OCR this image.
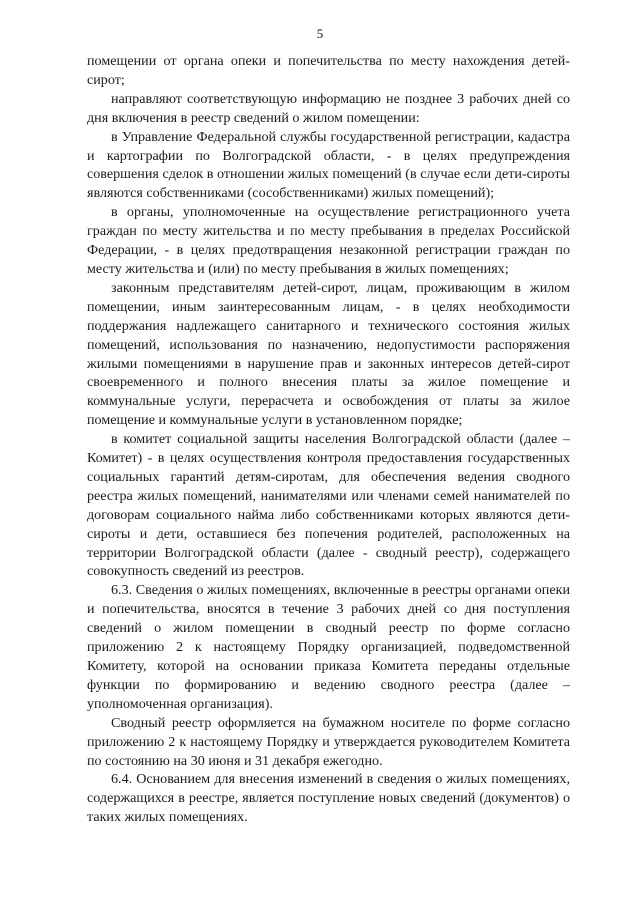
5

помещении от органа опеки и попечительства по месту нахождения детей-сирот;

направляют соответствующую информацию не позднее 3 рабочих дней со дня включения в реестр сведений о жилом помещении:

в Управление Федеральной службы государственной регистрации, кадастра и картографии по Волгоградской области, - в целях предупреждения совершения сделок в отношении жилых помещений (в случае если дети-сироты являются собственниками (сособственниками) жилых помещений);

в органы, уполномоченные на осуществление регистрационного учета граждан по месту жительства и по месту пребывания в пределах Российской Федерации, - в целях предотвращения незаконной регистрации граждан по месту жительства и (или) по месту пребывания в жилых помещениях;

законным представителям детей-сирот, лицам, проживающим в жилом помещении, иным заинтересованным лицам, - в целях необходимости поддержания надлежащего санитарного и технического состояния жилых помещений, использования по назначению, недопустимости распоряжения жилыми помещениями в нарушение прав и законных интересов детей-сирот своевременного и полного внесения платы за жилое помещение и коммунальные услуги, перерасчета и освобождения от платы за жилое помещение и коммунальные услуги в установленном порядке;

в комитет социальной защиты населения Волгоградской области (далее – Комитет) - в целях осуществления контроля предоставления государственных социальных гарантий детям-сиротам, для обеспечения ведения сводного реестра жилых помещений, нанимателями или членами семей нанимателей по договорам социального найма либо собственниками которых являются дети-сироты и дети, оставшиеся без попечения родителей, расположенных на территории Волгоградской области (далее - сводный реестр), содержащего совокупность сведений из реестров.

6.3. Сведения о жилых помещениях, включенные в реестры органами опеки и попечительства, вносятся в течение 3 рабочих дней со дня поступления сведений о жилом помещении в сводный реестр по форме согласно приложению 2 к настоящему Порядку организацией, подведомственной Комитету, которой на основании приказа Комитета переданы отдельные функции по формированию и ведению сводного реестра (далее – уполномоченная организация).

Сводный реестр оформляется на бумажном носителе по форме согласно приложению 2 к настоящему Порядку и утверждается руководителем Комитета по состоянию на 30 июня и 31 декабря ежегодно.

6.4. Основанием для внесения изменений в сведения о жилых помещениях, содержащихся в реестре, является поступление новых сведений (документов) о таких жилых помещениях.
